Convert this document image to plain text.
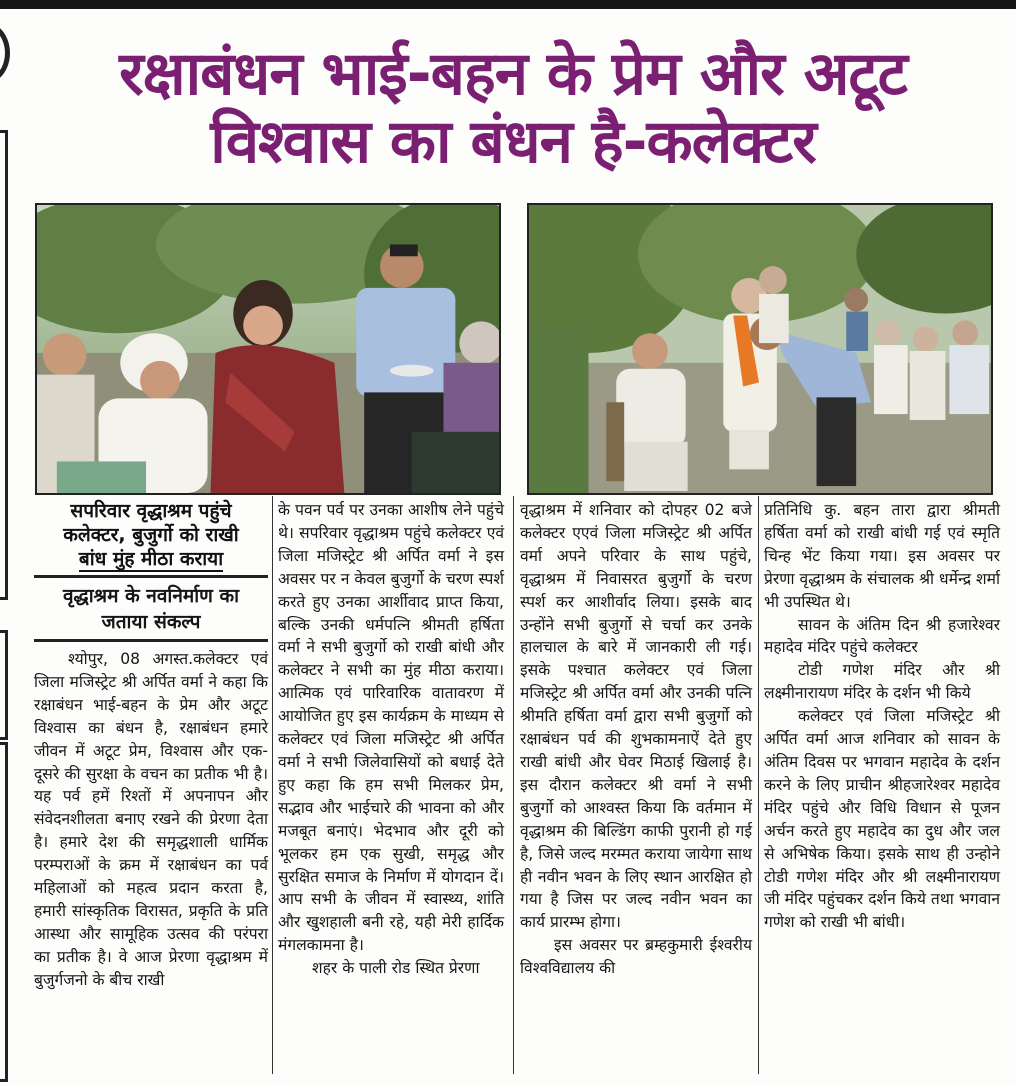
रक्षाबंधन भाई-बहन के प्रेम और अटूट
विश्वास का बंधन है-कलेक्टर
सपरिवार वृद्धाश्रम पहुंचे
कलेक्टर, बुजुर्गो को राखी
बांध मुंह मीठा कराया
वृद्धाश्रम के नवनिर्माण का
जताया संकल्प

श्योपुर, 08 अगस्त.कलेक्टर एवं जिला मजिस्ट्रेट श्री अर्पित वर्मा ने कहा कि रक्षाबंधन भाई-बहन के प्रेम और अटूट विश्वास का बंधन है, रक्षाबंधन हमारे जीवन में अटूट प्रेम, विश्वास और एक-दूसरे की सुरक्षा के वचन का प्रतीक भी है। यह पर्व हमें रिश्तों में अपनापन और संवेदनशीलता बनाए रखने की प्रेरणा देता है। हमारे देश की समृद्धशाली धार्मिक परम्पराओं के क्रम में रक्षाबंधन का पर्व महिलाओं को महत्व प्रदान करता है, हमारी सांस्कृतिक विरासत, प्रकृति के प्रति आस्था और सामूहिक उत्सव की परंपरा का प्रतीक है। वे आज प्रेरणा वृद्धाश्रम में बुजुर्गजनो के बीच राखी

के पवन पर्व पर उनका आशीष लेने पहुंचे थे। सपरिवार वृद्धाश्रम पहुंचे कलेक्टर एवं जिला मजिस्ट्रेट श्री अर्पित वर्मा ने इस अवसर पर न केवल बुजुर्गो के चरण स्पर्श करते हुए उनका आर्शीवाद प्राप्त किया, बल्कि उनकी धर्मपत्नि श्रीमती हर्षिता वर्मा ने सभी बुजुर्गो को राखी बांधी और कलेक्टर ने सभी का मुंह मीठा कराया। आत्मिक एवं पारिवारिक वातावरण में आयोजित हुए इस कार्यक्रम के माध्यम से कलेक्टर एवं जिला मजिस्ट्रेट श्री अर्पित वर्मा ने सभी जिलेवासियों को बधाई देते हुए कहा कि हम सभी मिलकर प्रेम, सद्भाव और भाईचारे की भावना को और मजबूत बनाएं। भेदभाव और दूरी को भूलकर हम एक सुखी, समृद्ध और सुरक्षित समाज के निर्माण में योगदान दें। आप सभी के जीवन में स्वास्थ्य, शांति और खुशहाली बनी रहे, यही मेरी हार्दिक मंगलकामना है।

शहर के पाली रोड स्थित प्रेरणा

वृद्धाश्रम में शनिवार को दोपहर 02 बजे कलेक्टर एएवं जिला मजिस्ट्रेट श्री अर्पित वर्मा अपने परिवार के साथ पहुंचे, वृद्धाश्रम में निवासरत बुजुर्गो के चरण स्पर्श कर आशीर्वाद लिया। इसके बाद उन्होंने सभी बुजुर्गो से चर्चा कर उनके हालचाल के बारे में जानकारी ली गई। इसके पश्चात कलेक्टर एवं जिला मजिस्ट्रेट श्री अर्पित वर्मा और उनकी पत्नि श्रीमति हर्षिता वर्मा द्वारा सभी बुजुर्गो को रक्षाबंधन पर्व की शुभकामनाऐं देते हुए राखी बांधी और घेवर मिठाई खिलाई है। इस दौरान कलेक्टर श्री वर्मा ने सभी बुजुर्गो को आश्वस्त किया कि वर्तमान में वृद्धाश्रम की बिल्डिंग काफी पुरानी हो गई है, जिसे जल्द मरम्मत कराया जायेगा साथ ही नवीन भवन के लिए स्थान आरक्षित हो गया है जिस पर जल्द नवीन भवन का कार्य प्रारम्भ होगा।

इस अवसर पर ब्रम्हकुमारी ईश्वरीय विश्वविद्यालय की

प्रतिनिधि कु. बहन तारा द्वारा श्रीमती हर्षिता वर्मा को राखी बांधी गई एवं स्मृति चिन्ह भेंट किया गया। इस अवसर पर प्रेरणा वृद्धाश्रम के संचालक श्री धर्मेन्द्र शर्मा भी उपस्थित थे।

सावन के अंतिम दिन श्री हजारेश्वर महादेव मंदिर पहुंचे कलेक्टर

टोडी गणेश मंदिर और श्री लक्ष्मीनारायण मंदिर के दर्शन भी किये

कलेक्टर एवं जिला मजिस्ट्रेट श्री अर्पित वर्मा आज शनिवार को सावन के अंतिम दिवस पर भगवान महादेव के दर्शन करने के लिए प्राचीन श्रीहजारेश्वर महादेव मंदिर पहुंचे और विधि विधान से पूजन अर्चन करते हुए महादेव का दुध और जल से अभिषेक किया। इसके साथ ही उन्होने टोडी गणेश मंदिर और श्री लक्ष्मीनारायण जी मंदिर पहुंचकर दर्शन किये तथा भगवान गणेश को राखी भी बांधी।
